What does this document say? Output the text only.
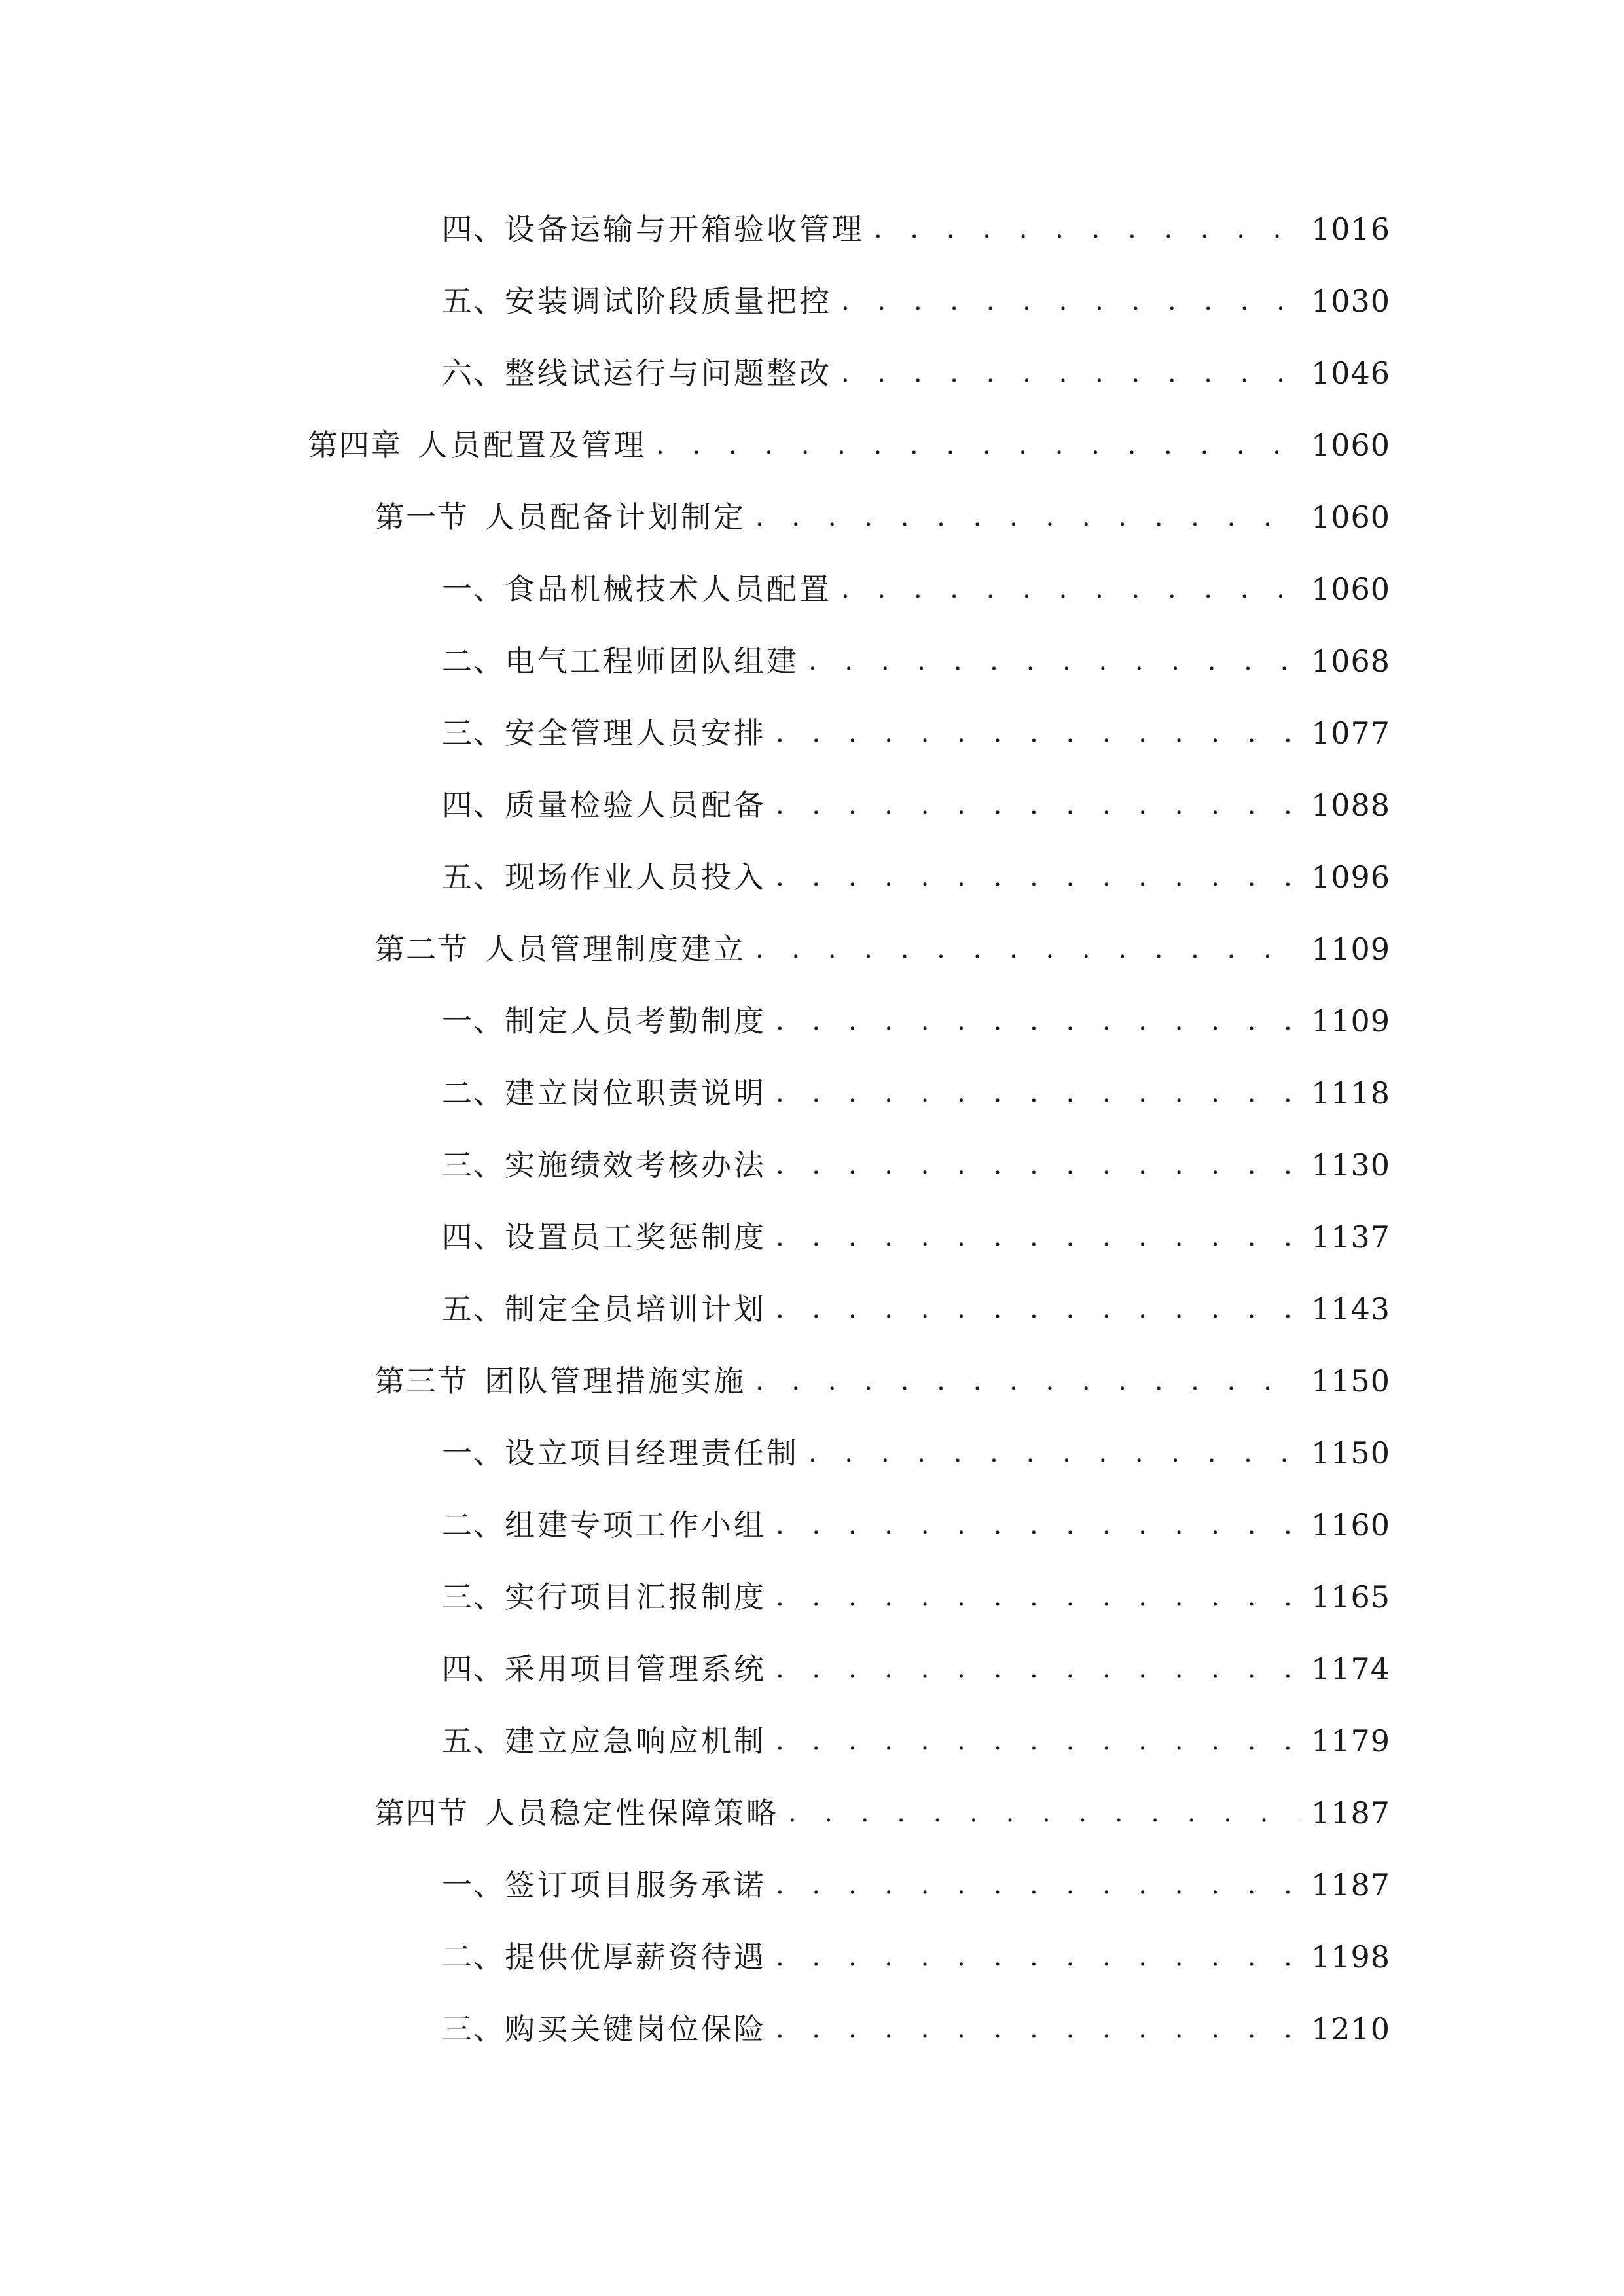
四、 设备运输与开箱验收管理 . . .	1016
五、 安装调试阶段质量把控 . . .	1030
六、 整线试运行与问题整改 . . .	1046
第四章 人员配置及管理 . . .	1060
第一节 人员配备计划制定 . . .	1060
一、 食品机械技术人员配置 . . .	1060
二、 电气工程师团队组建 . . .	1068
三、 安全管理人员安排 . . .	1077
四、 质量检验人员配备 . . .	1088
五、 现场作业人员投入 . . .	1096
第二节 人员管理制度建立 . . .	1109
一、 制定人员考勤制度 . . .	1109
二、 建立岗位职责说明 . . .	1118
三、 实施绩效考核办法 . . .	1130
四、 设置员工奖惩制度 . . .	1137
五、 制定全员培训计划 . . .	1143
第三节 团队管理措施实施 . . .	1150
一、 设立项目经理责任制 . . .	1150
二、 组建专项工作小组 . . .	1160
三、 实行项目汇报制度 . . .	1165
四、 采用项目管理系统 . . .	1174
五、 建立应急响应机制 . . .	1179
第四节 人员稳定性保障策略 . . .	1187
一、 签订项目服务承诺 . . .	1187
二、 提供优厚薪资待遇 . . .	1198
三、 购买关键岗位保险 . . .	1210
